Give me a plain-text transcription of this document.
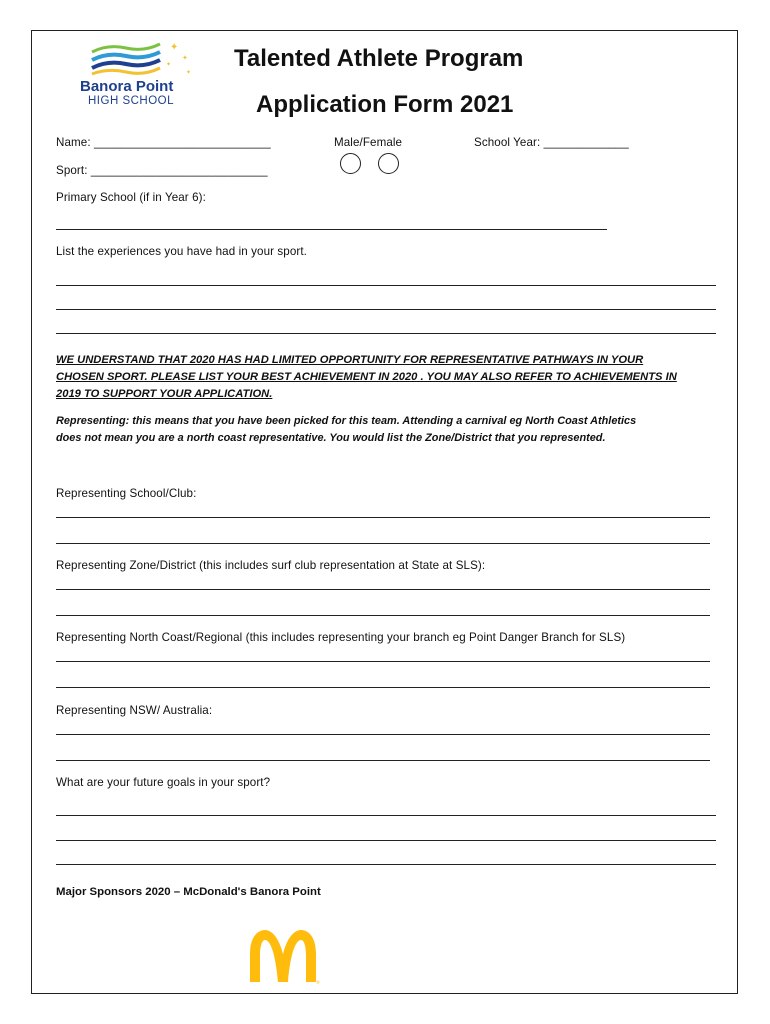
✦
✦
✦
✦
Banora Point
HIGH SCHOOL
Talented Athlete Program
Application Form 2021
Name: ___________________________	Male/Female	School Year: _____________
Sport: ___________________________
Primary School (if in Year 6):
List the experiences you have had in your sport.
WE UNDERSTAND THAT 2020 HAS HAD LIMITED OPPORTUNITY FOR REPRESENTATIVE PATHWAYS IN YOUR
CHOSEN SPORT. PLEASE LIST YOUR BEST ACHIEVEMENT IN 2020 . YOU MAY ALSO REFER TO ACHIEVEMENTS IN
2019 TO SUPPORT YOUR APPLICATION.
Representing: this means that you have been picked for this team. Attending a carnival eg North Coast Athletics
does not mean you are a north coast representative. You would list the Zone/District that you represented.
Representing School/Club:
Representing Zone/District (this includes surf club representation at State at SLS):
Representing North Coast/Regional (this includes representing your branch eg Point Danger Branch for SLS)
Representing NSW/ Australia:
What are your future goals in your sport?
Major Sponsors 2020 – McDonald's Banora Point
®
